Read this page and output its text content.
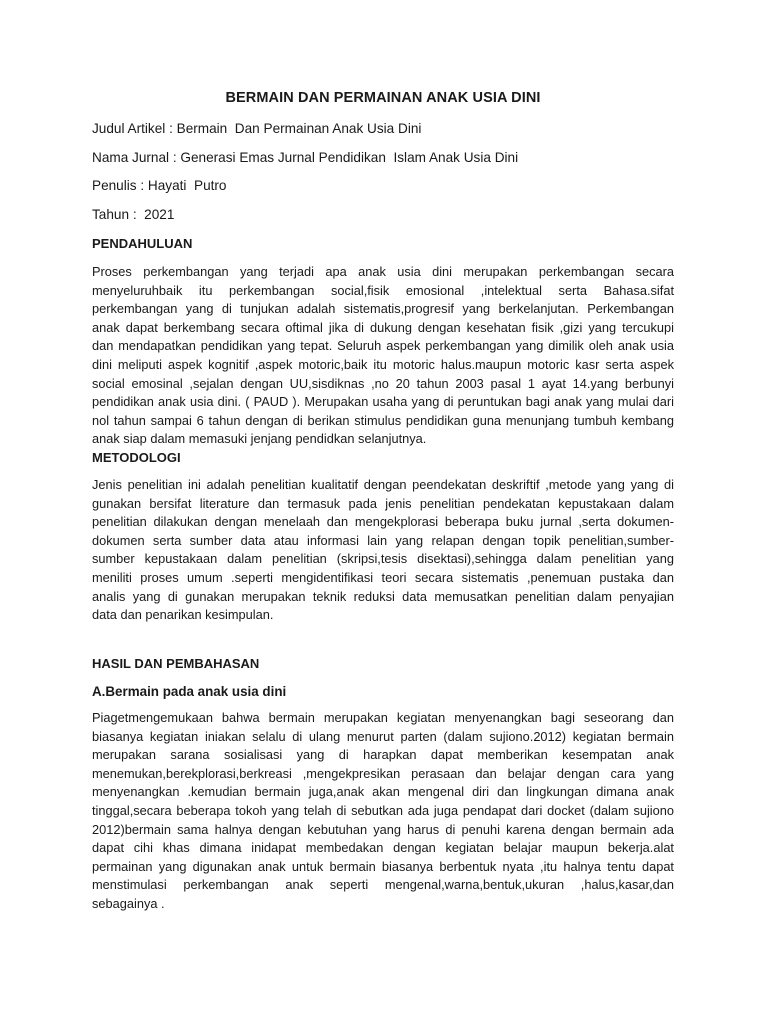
BERMAIN DAN PERMAINAN ANAK USIA DINI
Judul Artikel : Bermain  Dan Permainan Anak Usia Dini
Nama Jurnal : Generasi Emas Jurnal Pendidikan  Islam Anak Usia Dini
Penulis : Hayati  Putro
Tahun :  2021
PENDAHULUAN
Proses perkembangan yang terjadi apa anak usia dini merupakan perkembangan secara
menyeluruhbaik itu perkembangan social,fisik emosional ,intelektual serta Bahasa.sifat
perkembangan yang di tunjukan adalah sistematis,progresif yang berkelanjutan. Perkembangan
anak dapat berkembang secara oftimal jika di dukung dengan kesehatan fisik ,gizi yang tercukupi
dan mendapatkan pendidikan yang tepat. Seluruh aspek perkembangan yang dimilik oleh anak usia
dini meliputi aspek kognitif ,aspek motoric,baik itu motoric halus.maupun motoric kasr serta aspek
social emosinal ,sejalan dengan UU,sisdiknas ,no 20 tahun 2003 pasal 1 ayat 14.yang berbunyi
pendidikan anak usia dini. ( PAUD ). Merupakan usaha yang di peruntukan bagi anak yang mulai dari
nol tahun sampai 6 tahun dengan di berikan stimulus pendidikan guna menunjang tumbuh kembang
anak siap dalam memasuki jenjang pendidkan selanjutnya.
METODOLOGI
Jenis penelitian ini adalah penelitian kualitatif dengan peendekatan deskriftif ,metode yang yang di
gunakan bersifat literature dan termasuk pada jenis penelitian pendekatan kepustakaan dalam
penelitian dilakukan dengan menelaah dan mengekplorasi beberapa buku jurnal ,serta dokumen-
dokumen serta sumber data atau informasi lain yang relapan dengan topik penelitian,sumber-
sumber kepustakaan dalam penelitian (skripsi,tesis disektasi),sehingga dalam penelitian yang
meniliti proses umum .seperti mengidentifikasi teori secara sistematis ,penemuan pustaka dan
analis yang di gunakan merupakan teknik reduksi data memusatkan penelitian dalam penyajian
data dan penarikan kesimpulan.
HASIL DAN PEMBAHASAN
A.Bermain pada anak usia dini
Piagetmengemukaan bahwa bermain merupakan kegiatan menyenangkan bagi seseorang dan
biasanya kegiatan iniakan selalu di ulang menurut parten (dalam sujiono.2012) kegiatan bermain
merupakan sarana sosialisasi yang di harapkan dapat memberikan kesempatan anak
menemukan,berekplorasi,berkreasi ,mengekpresikan perasaan dan belajar dengan cara yang
menyenangkan .kemudian bermain juga,anak akan mengenal diri dan lingkungan dimana anak
tinggal,secara beberapa tokoh yang telah di sebutkan ada juga pendapat dari docket (dalam sujiono
2012)bermain sama halnya dengan kebutuhan yang harus di penuhi karena dengan bermain ada
dapat cihi khas dimana inidapat membedakan dengan kegiatan belajar maupun bekerja.alat
permainan yang digunakan anak untuk bermain biasanya berbentuk nyata ,itu halnya tentu dapat
menstimulasi perkembangan anak seperti mengenal,warna,bentuk,ukuran ,halus,kasar,dan
sebagainya .
